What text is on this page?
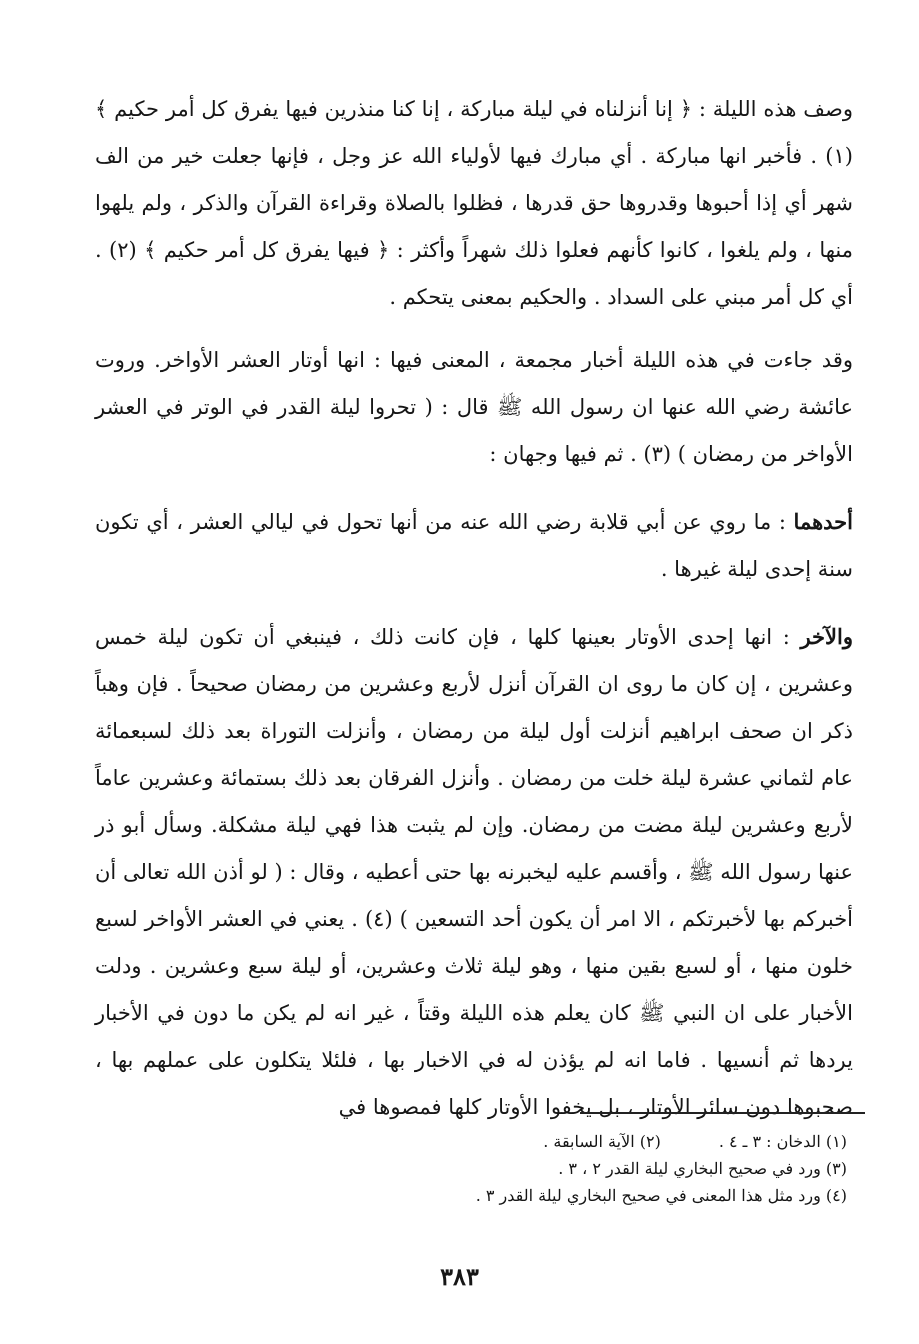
وصف هذه الليلة : ﴿ إنا أنزلناه في ليلة مباركة ، إنا كنا منذرين فيها يفرق كل أمر حكيم ﴾ (١) . فأخبر انها مباركة . أي مبارك فيها لأولياء الله عز وجل ، فإنها جعلت خير من الف شهر أي إذا أحبوها وقدروها حق قدرها ، فظلوا بالصلاة وقراءة القرآن والذكر ، ولم يلهوا منها ، ولم يلغوا ، كانوا كأنهم فعلوا ذلك شهراً وأكثر : ﴿ فيها يفرق كل أمر حكيم ﴾ (٢) . أي كل أمر مبني على السداد . والحكيم بمعنى يتحكم .

وقد جاءت في هذه الليلة أخبار مجمعة ، المعنى فيها : انها أوتار العشر الأواخر. وروت عائشة رضي الله عنها ان رسول الله ﷺ قال : ( تحروا ليلة القدر في الوتر في العشر الأواخر من رمضان ) (٣) . ثم فيها وجهان :

أحدهما : ما روي عن أبي قلابة رضي الله عنه من أنها تحول في ليالي العشر ، أي تكون سنة إحدى ليلة غيرها .

والآخر : انها إحدى الأوتار بعينها كلها ، فإن كانت ذلك ، فينبغي أن تكون ليلة خمس وعشرين ، إن كان ما روى ان القرآن أنزل لأربع وعشرين من رمضان صحيحاً . فإن وهباً ذكر ان صحف ابراهيم أنزلت أول ليلة من رمضان ، وأنزلت التوراة بعد ذلك لسبعمائة عام لثماني عشرة ليلة خلت من رمضان . وأنزل الفرقان بعد ذلك بستمائة وعشرين عاماً لأربع وعشرين ليلة مضت من رمضان. وإن لم يثبت هذا فهي ليلة مشكلة. وسأل أبو ذر عنها رسول الله ﷺ ، وأقسم عليه ليخبرنه بها حتى أعطيه ، وقال : ( لو أذن الله تعالى أن أخبركم بها لأخبرتكم ، الا امر أن يكون أحد التسعين ) (٤) . يعني في العشر الأواخر لسبع خلون منها ، أو لسبع بقين منها ، وهو ليلة ثلاث وعشرين، أو ليلة سبع وعشرين . ودلت الأخبار على ان النبي ﷺ كان يعلم هذه الليلة وقتاً ، غير انه لم يكن ما دون في الأخبار يردها ثم أنسيها . فاما انه لم يؤذن له في الاخبار بها ، فلئلا يتكلون على عملهم بها ، صحبوها دون سائر الأوتار ، بل يخفوا الأوتار كلها فمصوها في

(١) الدخان : ٣ ـ ٤ .(٢) الآية السابقة .
(٣) ورد في صحيح البخاري ليلة القدر ٢ ، ٣ .
(٤) ورد مثل هذا المعنى في صحيح البخاري ليلة القدر ٣ .
٣٨٣
